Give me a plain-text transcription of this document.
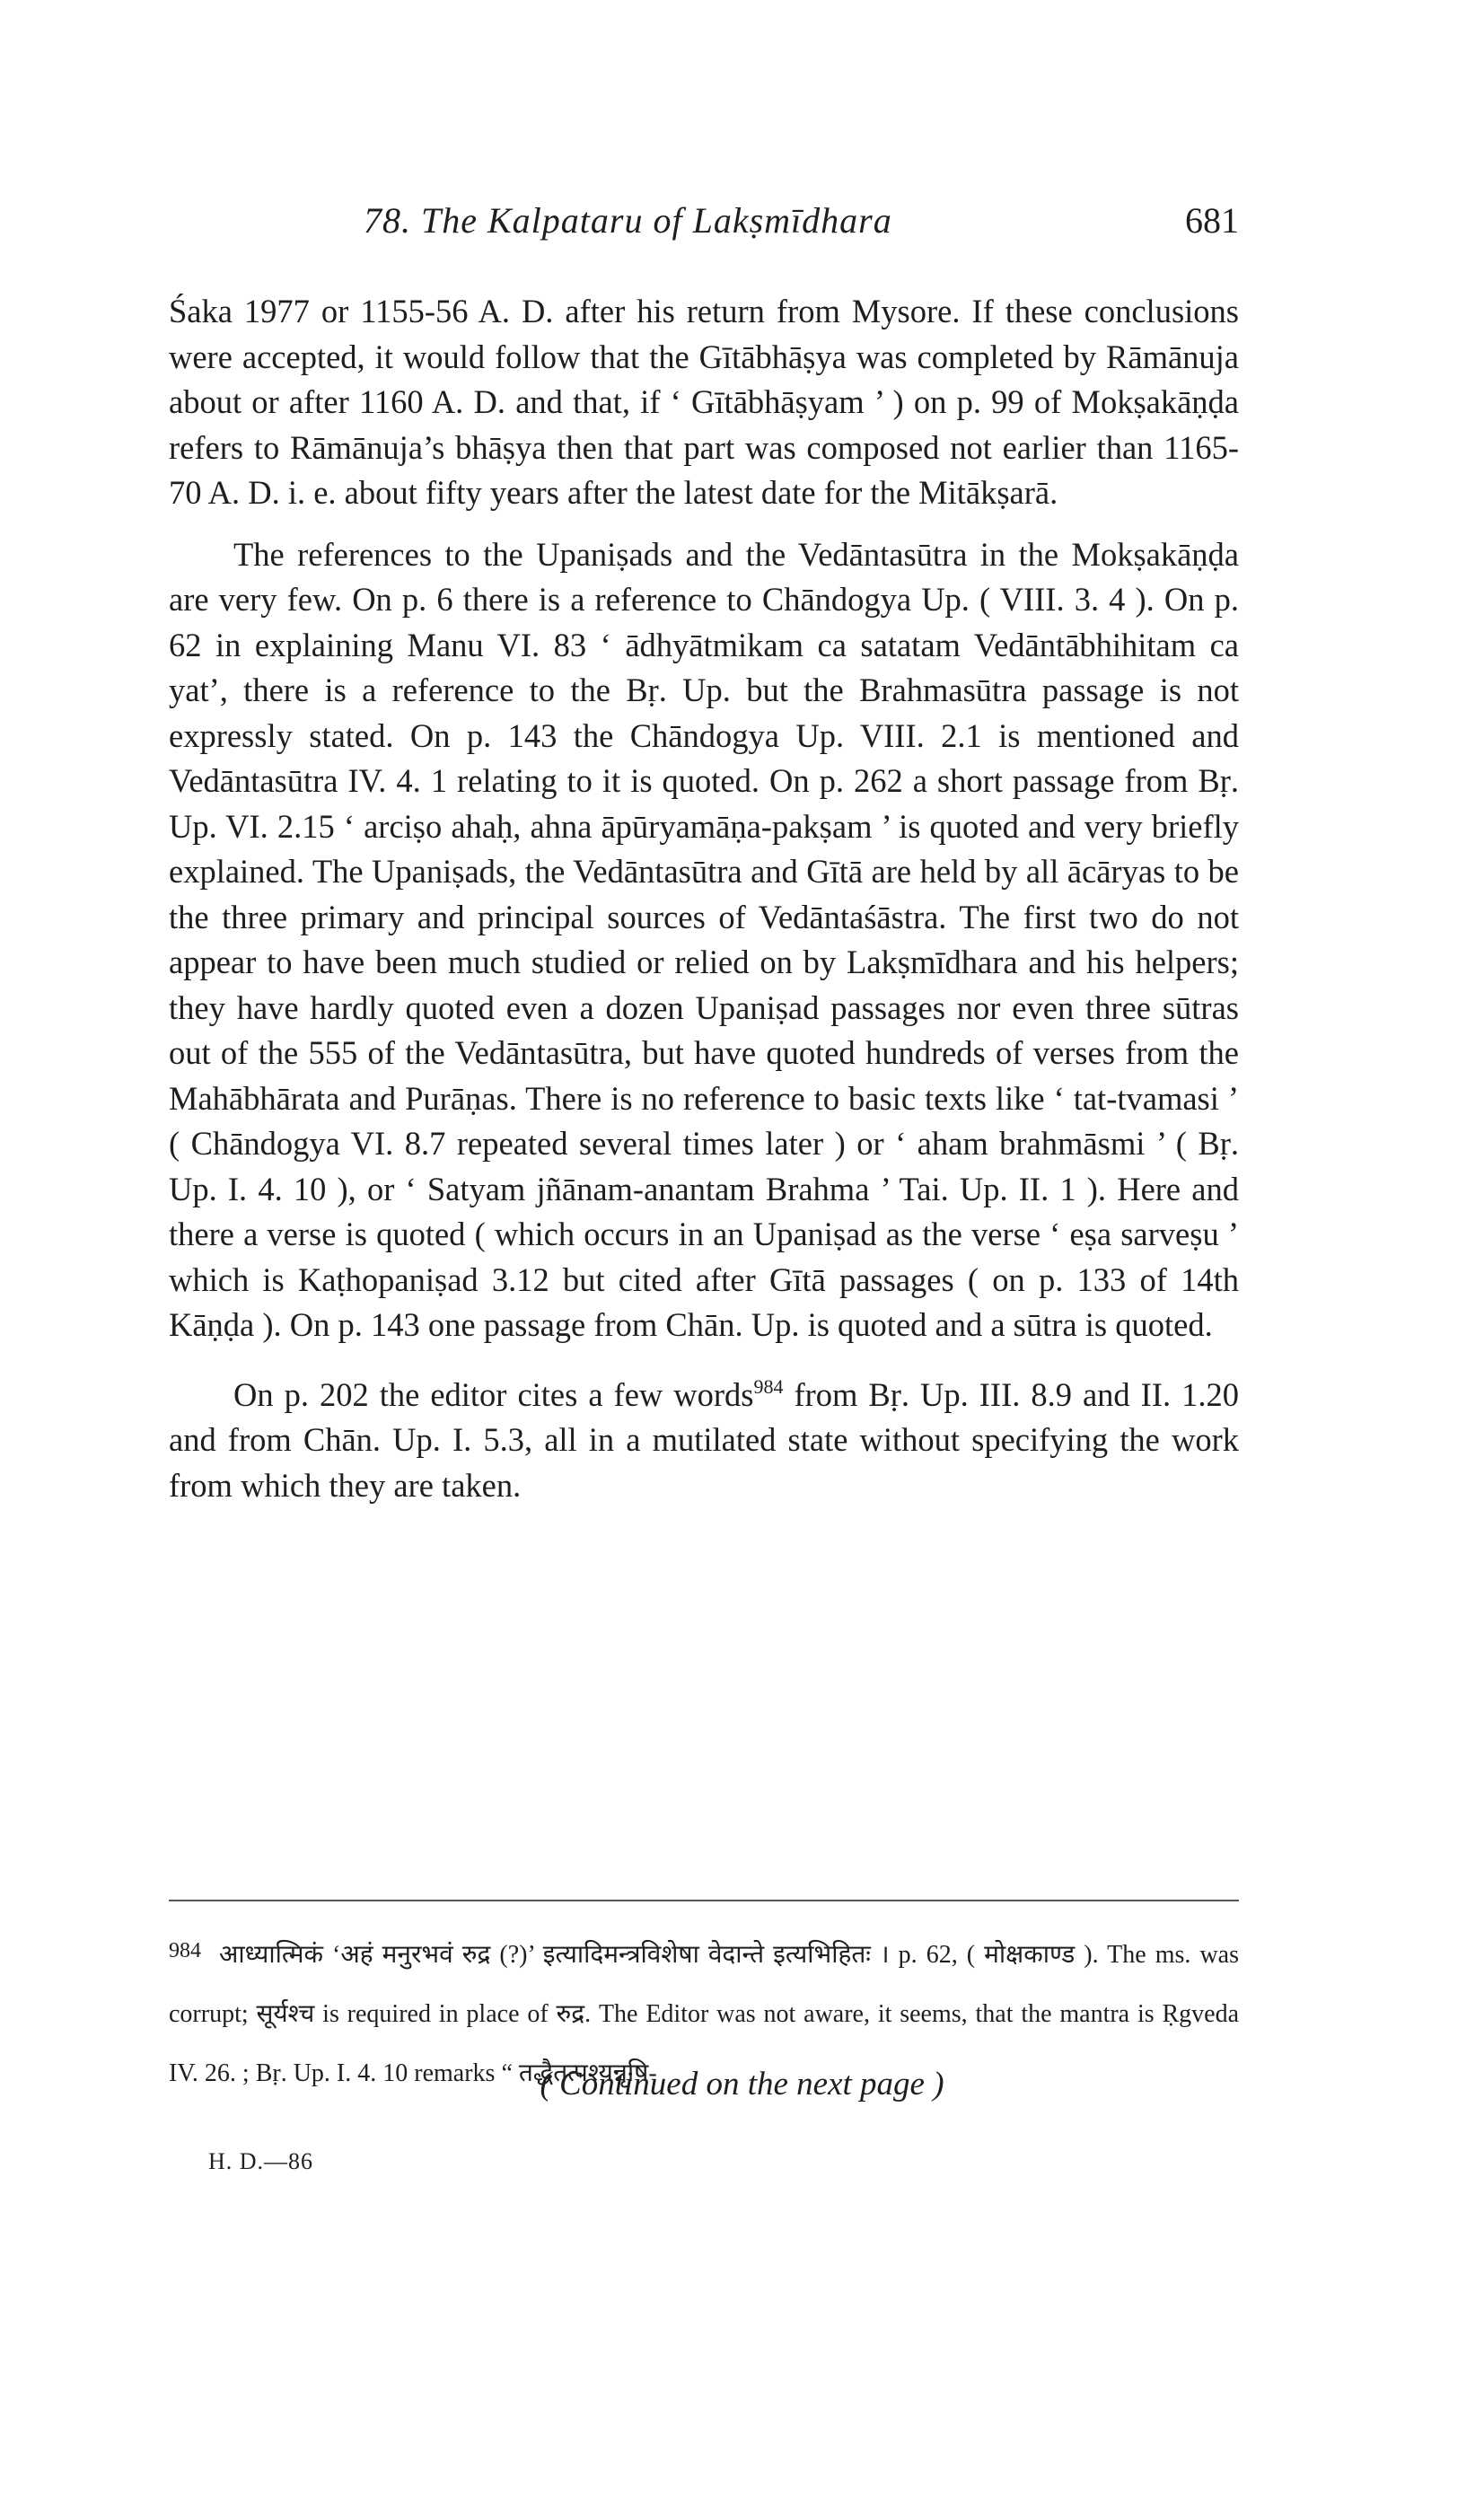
78. The Kalpataru of Lakṣmīdhara	681

Śaka 1977 or 1155-56 A. D. after his return from Mysore. If these conclusions were accepted, it would follow that the Gītābhāṣya was completed by Rāmānuja about or after 1160 A. D. and that, if ‘ Gītābhāṣyam ’ ) on p. 99 of Mokṣakāṇḍa refers to Rāmānuja’s bhāṣya then that part was composed not earlier than 1165-70 A. D. i. e. about fifty years after the latest date for the Mitākṣarā.

The references to the Upaniṣads and the Vedāntasūtra in the Mokṣakāṇḍa are very few. On p. 6 there is a reference to Chāndogya Up. ( VIII. 3. 4 ). On p. 62 in explaining Manu VI. 83 ‘ ādhyātmikam ca satatam Vedāntābhihitam ca yat’, there is a reference to the Bṛ. Up. but the Brahmasūtra passage is not expressly stated. On p. 143 the Chāndogya Up. VIII. 2.1 is mentioned and Vedāntasūtra IV. 4. 1 relating to it is quoted. On p. 262 a short passage from Bṛ. Up. VI. 2.15 ‘ arciṣo ahaḥ, ahna āpūryamāṇa-pakṣam ’ is quoted and very briefly explained. The Upaniṣads, the Vedāntasūtra and Gītā are held by all ācāryas to be the three primary and principal sources of Vedāntaśāstra. The first two do not appear to have been much studied or relied on by Lakṣmīdhara and his helpers; they have hardly quoted even a dozen Upaniṣad passages nor even three sūtras out of the 555 of the Vedāntasūtra, but have quoted hundreds of verses from the Mahābhārata and Purāṇas. There is no reference to basic texts like ‘ tat-tvamasi ’ ( Chāndogya VI. 8.7 repeated several times later ) or ‘ aham brahmāsmi ’ ( Bṛ. Up. I. 4. 10 ), or ‘ Satyam jñānam-anantam Brahma ’ Tai. Up. II. 1 ). Here and there a verse is quoted ( which occurs in an Upaniṣad as the verse ‘ eṣa sarveṣu ’ which is Kaṭhopaniṣad 3.12 but cited after Gītā passages ( on p. 133 of 14th Kāṇḍa ). On p. 143 one passage from Chān. Up. is quoted and a sūtra is quoted.

On p. 202 the editor cites a few words$^{984}$ from Bṛ. Up. III. 8.9 and II. 1.20 and from Chān. Up. I. 5.3, all in a mutilated state without specifying the work from which they are taken.

984 आध्यात्मिकं ‘अहं मनुरभवं रुद्र (?)’ इत्यादिमन्त्रविशेषा वेदान्ते इत्यभिहितः । p. 62, ( मोक्षकाण्ड ). The ms. was corrupt; सूर्यश्च is required in place of रुद्र. The Editor was not aware, it seems, that the mantra is Ṛgveda IV. 26. ; Bṛ. Up. I. 4. 10 remarks “ तद्धैतत्पश्यन्नृषि-
( Continued on the next page )
H. D.—86
